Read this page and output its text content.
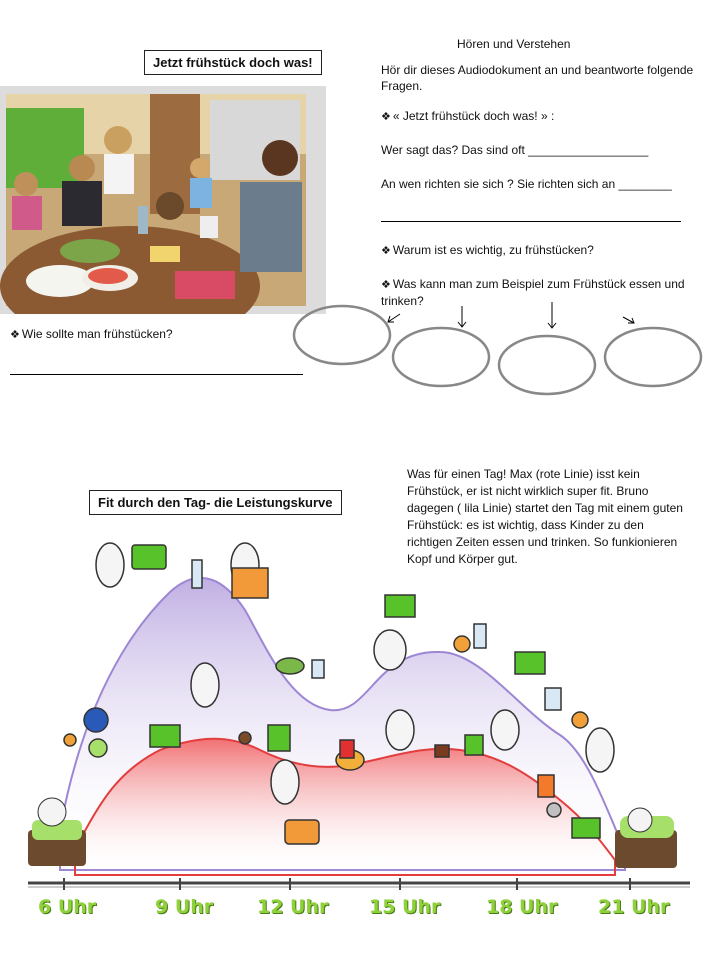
Jetzt frühstück doch was!
Hören und Verstehen
Hör dir dieses Audiodokument an und beantworte folgende Fragen.
❖ « Jetzt frühstück doch was! » :
Wer sagt das? Das sind oft __________________
An wen richten sie sich ? Sie richten sich an ________
❖ Warum ist es wichtig, zu frühstücken?
❖ Was kann man zum Beispiel zum Frühstück essen und trinken?
❖ Wie sollte man frühstücken?
Was für einen Tag! Max (rote Linie) isst kein Frühstück, er ist nicht wirklich super fit. Bruno dagegen ( lila Linie) startet den Tag mit einem guten Frühstück: es ist wichtig, dass Kinder zu den richtigen Zeiten essen und trinken. So funkionieren Kopf und Körper gut.
Fit durch den Tag- die Leistungskurve
6 Uhr	9 Uhr 12 Uhr 15 Uhr 18 Uhr 21 Uhr
